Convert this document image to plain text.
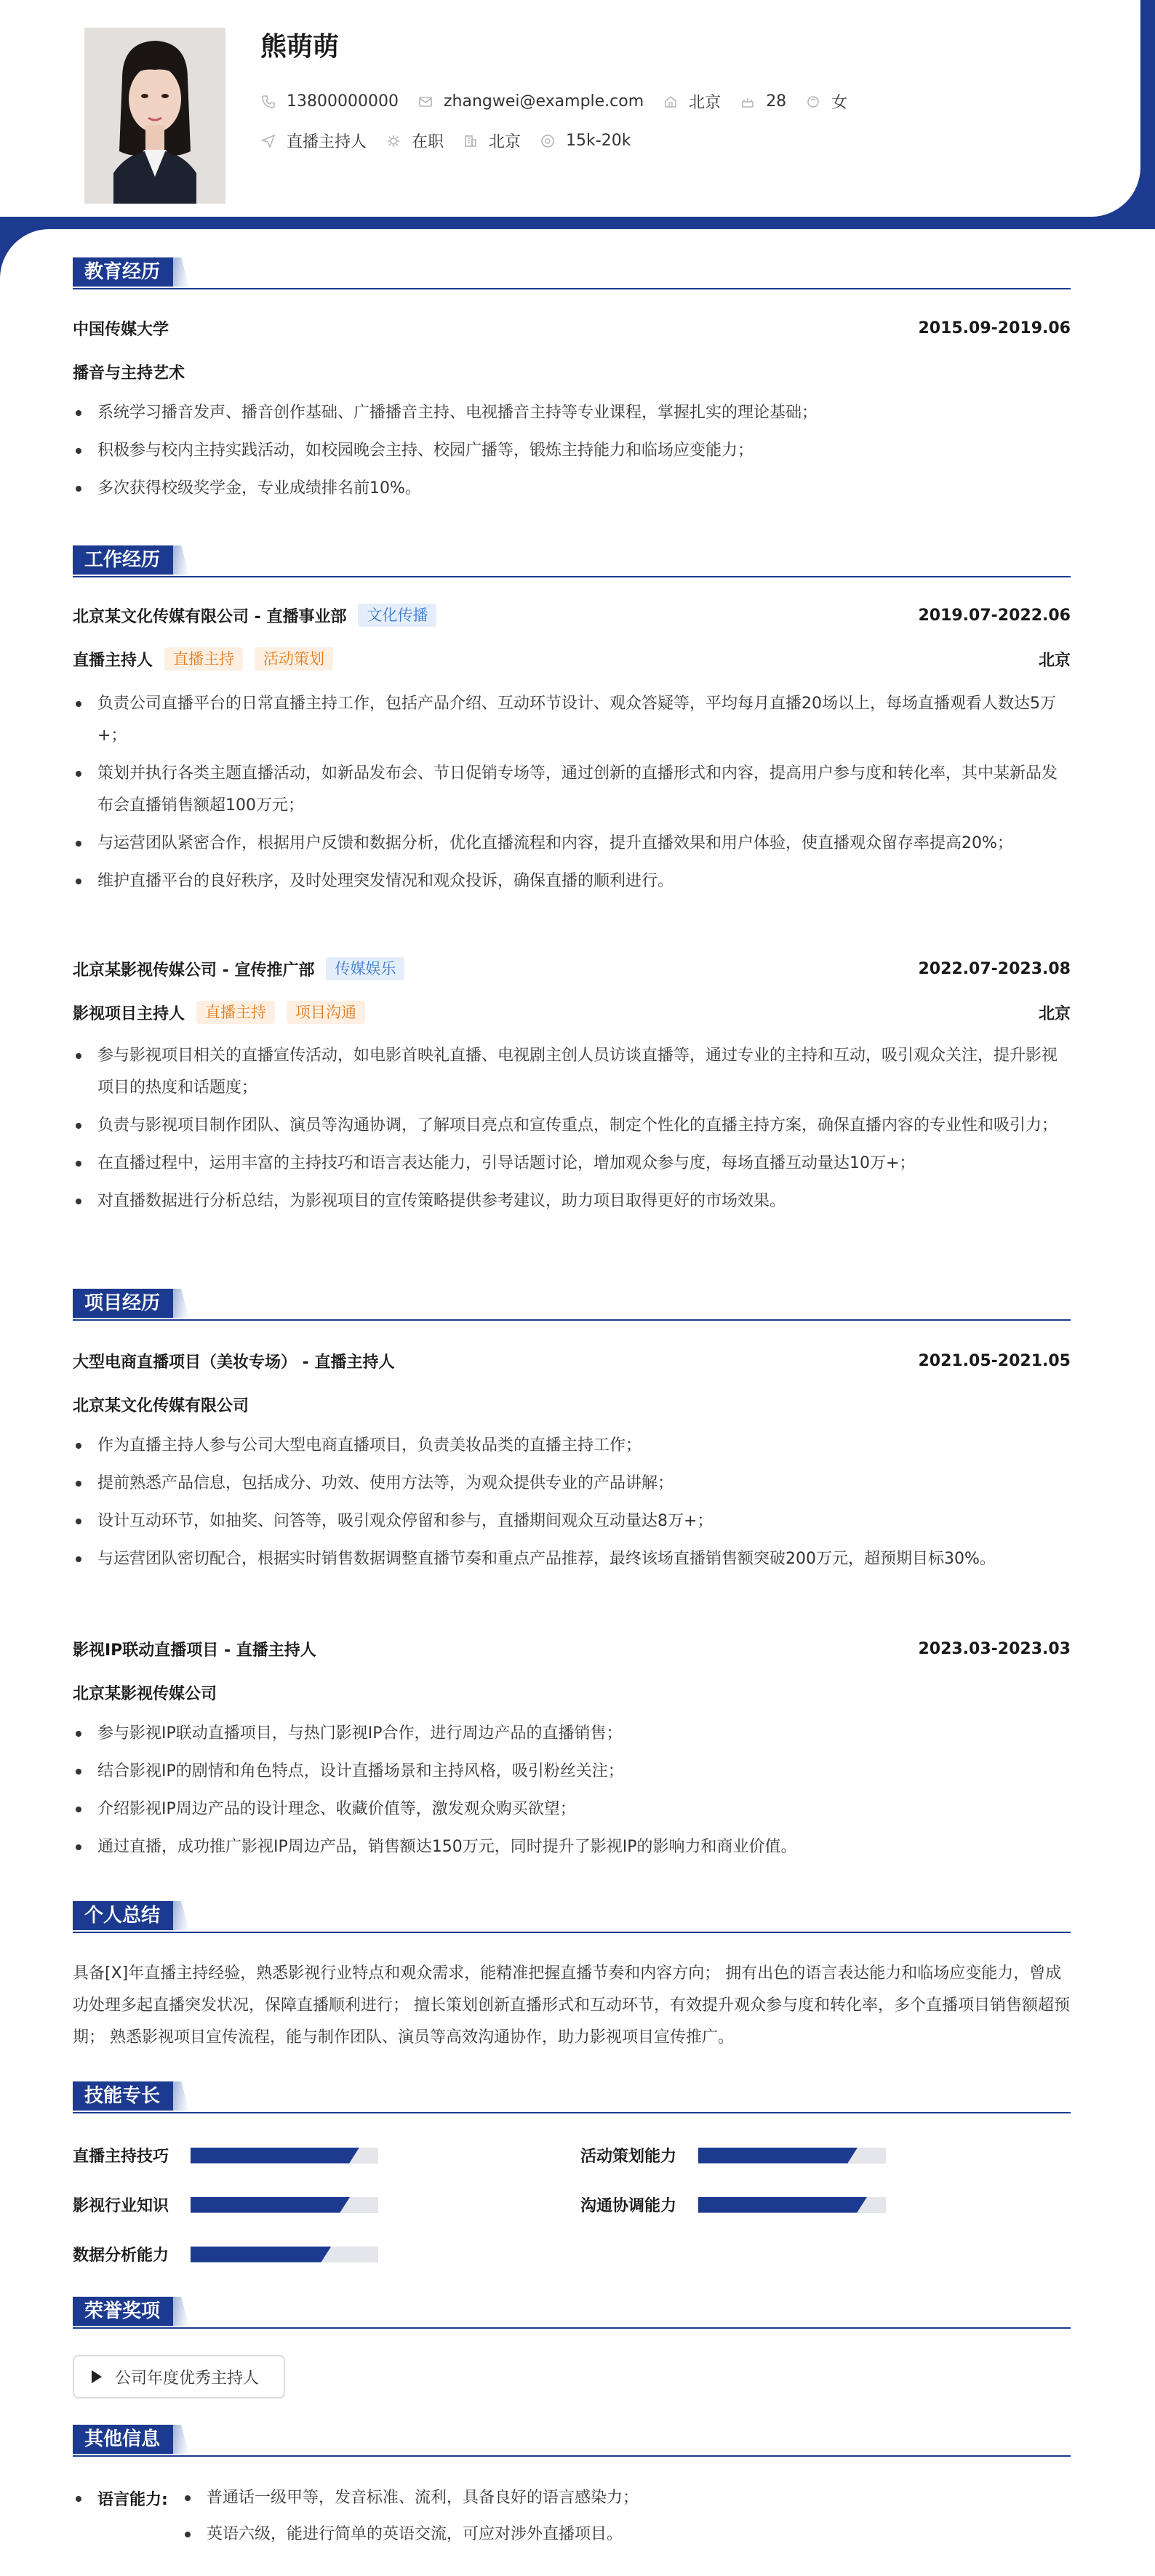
熊萌萌
13800000000	zhangwei@example.com	北京	28	女
直播主持人	在职	北京	15k-20k
教育经历
中国传媒大学	2015.09-2019.06
播音与主持艺术
系统学习播音发声、播音创作基础、广播播音主持、电视播音主持等专业课程，掌握扎实的理论基础；
积极参与校内主持实践活动，如校园晚会主持、校园广播等，锻炼主持能力和临场应变能力；
多次获得校级奖学金，专业成绩排名前10%。
工作经历
北京某文化传媒有限公司 - 直播事业部	文化传播	2019.07-2022.06
直播主持人	直播主持	活动策划	北京
负责公司直播平台的日常直播主持工作，包括产品介绍、互动环节设计、观众答疑等，平均每月直播20场以上，每场直播观看人数达5万+；
策划并执行各类主题直播活动，如新品发布会、节日促销专场等，通过创新的直播形式和内容，提高用户参与度和转化率，其中某新品发布会直播销售额超100万元；
与运营团队紧密合作，根据用户反馈和数据分析，优化直播流程和内容，提升直播效果和用户体验，使直播观众留存率提高20%；
维护直播平台的良好秩序，及时处理突发情况和观众投诉，确保直播的顺利进行。
北京某影视传媒公司 - 宣传推广部	传媒娱乐	2022.07-2023.08
影视项目主持人	直播主持	项目沟通	北京
参与影视项目相关的直播宣传活动，如电影首映礼直播、电视剧主创人员访谈直播等，通过专业的主持和互动，吸引观众关注，提升影视项目的热度和话题度；
负责与影视项目制作团队、演员等沟通协调，了解项目亮点和宣传重点，制定个性化的直播主持方案，确保直播内容的专业性和吸引力；
在直播过程中，运用丰富的主持技巧和语言表达能力，引导话题讨论，增加观众参与度，每场直播互动量达10万+；
对直播数据进行分析总结，为影视项目的宣传策略提供参考建议，助力项目取得更好的市场效果。
项目经历
大型电商直播项目（美妆专场） - 直播主持人	2021.05-2021.05
北京某文化传媒有限公司
作为直播主持人参与公司大型电商直播项目，负责美妆品类的直播主持工作；
提前熟悉产品信息，包括成分、功效、使用方法等，为观众提供专业的产品讲解；
设计互动环节，如抽奖、问答等，吸引观众停留和参与，直播期间观众互动量达8万+；
与运营团队密切配合，根据实时销售数据调整直播节奏和重点产品推荐，最终该场直播销售额突破200万元，超预期目标30%。
影视IP联动直播项目 - 直播主持人	2023.03-2023.03
北京某影视传媒公司
参与影视IP联动直播项目，与热门影视IP合作，进行周边产品的直播销售；
结合影视IP的剧情和角色特点，设计直播场景和主持风格，吸引粉丝关注；
介绍影视IP周边产品的设计理念、收藏价值等，激发观众购买欲望；
通过直播，成功推广影视IP周边产品，销售额达150万元，同时提升了影视IP的影响力和商业价值。
个人总结
具备[X]年直播主持经验，熟悉影视行业特点和观众需求，能精准把握直播节奏和内容方向； 拥有出色的语言表达能力和临场应变能力，曾成功处理多起直播突发状况，保障直播顺利进行； 擅长策划创新直播形式和互动环节，有效提升观众参与度和转化率，多个直播项目销售额超预期； 熟悉影视项目宣传流程，能与制作团队、演员等高效沟通协作，助力影视项目宣传推广。
技能专长
直播主持技巧	活动策划能力
影视行业知识	沟通协调能力
数据分析能力
荣誉奖项
公司年度优秀主持人
其他信息
语言能力:	普通话一级甲等，发音标准、流利，具备良好的语言感染力；
英语六级，能进行简单的英语交流，可应对涉外直播项目。
